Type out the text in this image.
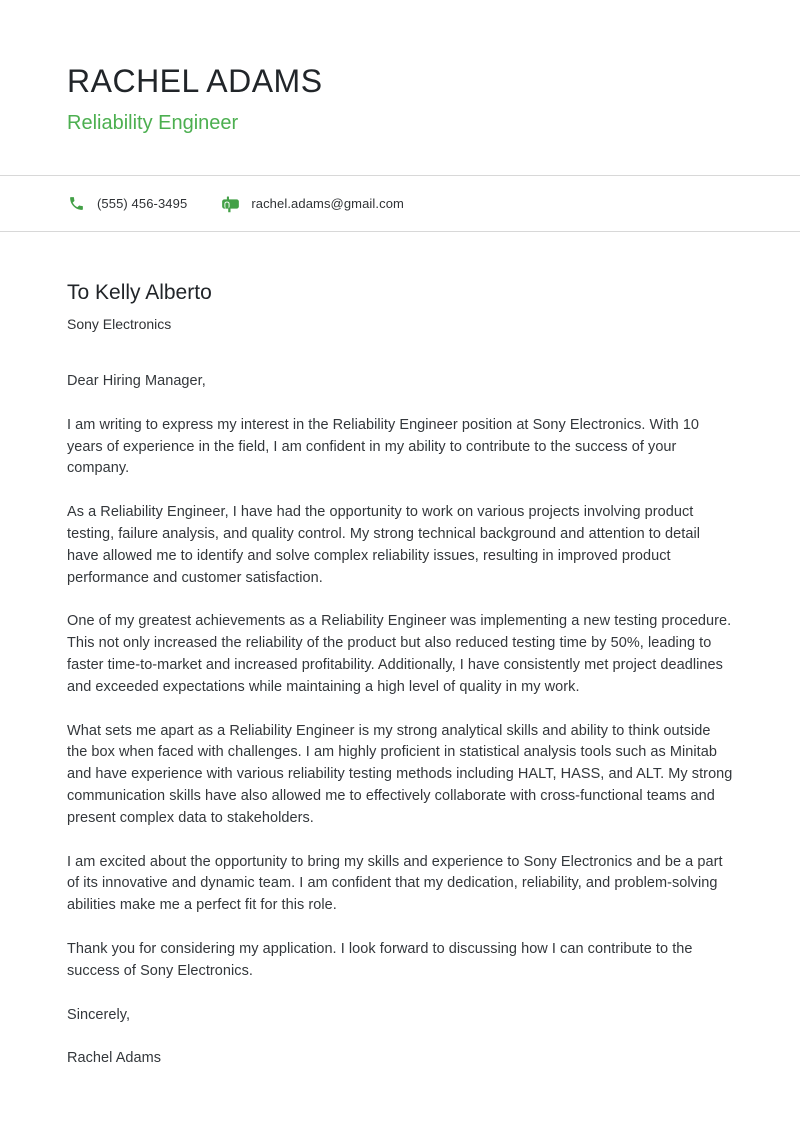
RACHEL ADAMS
Reliability Engineer
(555) 456-3495	rachel.adams@gmail.com
To Kelly Alberto
Sony Electronics

Dear Hiring Manager,

I am writing to express my interest in the Reliability Engineer position at Sony Electronics. With 10 years of experience in the field, I am confident in my ability to contribute to the success of your company.

As a Reliability Engineer, I have had the opportunity to work on various projects involving product testing, failure analysis, and quality control. My strong technical background and attention to detail have allowed me to identify and solve complex reliability issues, resulting in improved product performance and customer satisfaction.

One of my greatest achievements as a Reliability Engineer was implementing a new testing procedure. This not only increased the reliability of the product but also reduced testing time by 50%, leading to faster time-to-market and increased profitability. Additionally, I have consistently met project deadlines and exceeded expectations while maintaining a high level of quality in my work.

What sets me apart as a Reliability Engineer is my strong analytical skills and ability to think outside the box when faced with challenges. I am highly proficient in statistical analysis tools such as Minitab and have experience with various reliability testing methods including HALT, HASS, and ALT. My strong communication skills have also allowed me to effectively collaborate with cross-functional teams and present complex data to stakeholders.

I am excited about the opportunity to bring my skills and experience to Sony Electronics and be a part of its innovative and dynamic team. I am confident that my dedication, reliability, and problem-solving abilities make me a perfect fit for this role.

Thank you for considering my application. I look forward to discussing how I can contribute to the success of Sony Electronics.

Sincerely,

Rachel Adams
